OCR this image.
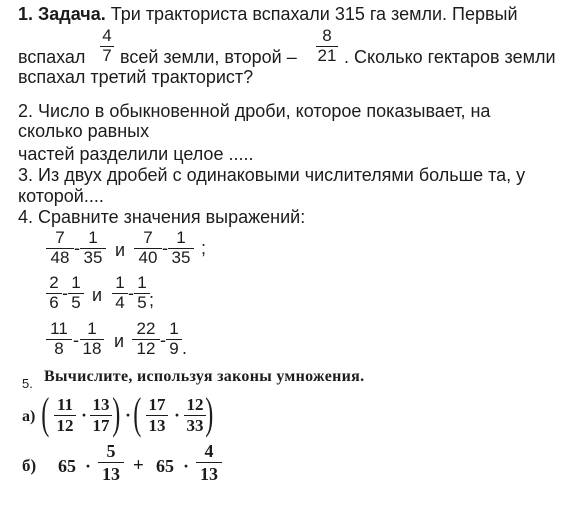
1. Задача. Три тракториста вспахали 315 га земли. Первый
вспахал
4
7 всей земли, второй –
8
21 . Сколько гектаров земли
вспахал третий тракторист?
2. Число в обыкновенной дроби, которое показывает, на
сколько равных
частей разделили целое .....
3. Из двух дробей с одинаковыми числителями больше та, у
которой....
4. Сравните значения выражений:
7
48 -
1
35 и
7
40 -
1
35 ;
2
6 -
1
5 и
1
4 -
1
5 ;
11
8 -
1
18 и
22
12 -
1
9 .
5. Вычислите, используя законы умножения.
а) ( 11
12
·
13
17 ) · ( 17
13
·
12
33 )
б) 65 ·
5
13 + 65 ·
4
13
